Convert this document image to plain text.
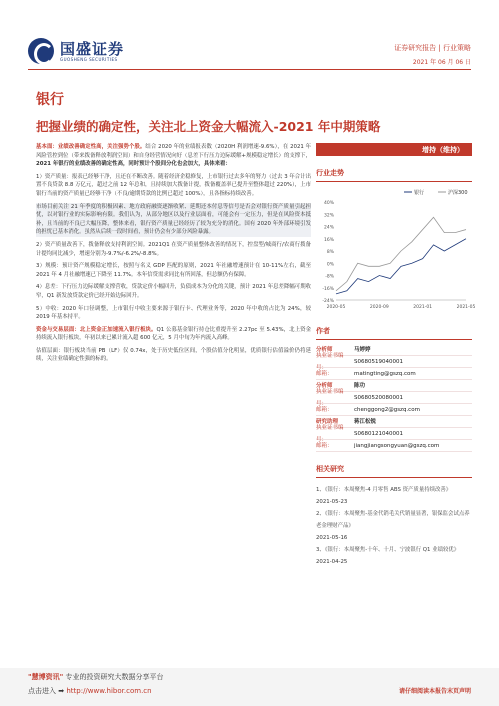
国盛证券
GUOSHENG SECURITIES
证券研究报告 | 行业策略
2021 年 06 月 06 日
银行
把握业绩的确定性，关注北上资金大幅流入-2021 年中期策略

基本面：业绩改善确定性高，关注强势个股。结合 2020 年的业绩报表数（2020H 利润增速-9.6%），在 2021 年风险管控到位（带来拨备释放利润空间）和自身经营情况向好（息差下行压力边际缓解+规模稳定增长）的支撑下，2021 年银行的业绩改善的确定性高，同时预计个股间分化也会加大，具体来看：

1）资产质量：报表已经够干净，且还在不断改善。随着经济企稳修复，上市银行过去多年的努力（过去 3 年合计出置不良贷款 8.8 万亿元，超过之前 12 年总和，且持续加大拨备计提，拨备覆盖率已提升至整体超过 220%），上市银行当前的资产质量已经够干净（不良/逾期贷款的比例已超过 100%），且各指标持续改善。

市场目前关注 21 年季度的积极因素、地方政府融资逐渐收紧、延期还本付息等信号是否会对银行资产质量引起担忧，以对银行业的实际影响有限。我们认为，从部分地区以及行业层面看，可能会有一定压力，但是在风险资本抵补，且当前的不良已大幅压降，整体来看，银行资产质量已经经历了较为充分的消化。国有 2020 年外部环境引发的担忧已基本消化。虽然从后续一段时间看，预计仍会有少部分风险暴露。

2）资产质量改善下，拨备释放支持利润空间。2021Q1 在资产质量整体改善的情况下，控盘型/城商行/农商行拨备计提均同比减少，增速分别为-9.7%/-6.2%/-8.8%。

3）规模：预计资产规模稳定增长，按照与名义 GDP 匹配的原则，2021 年社融增速预计在 10-11%左右，截至 2021 年 4 月社融增速已下降至 11.7%。本年信贷需求同比有所回落，但总额仍有保障。

4）息差：下行压力边际缓解支撑营收，贷款定价小幅回升，负债成本为分化的关键，预计 2021 年息差降幅可期收窄，Q1 新发放贷款定价已经开始边际回升。

5）中收：2020 年口径调整，上市银行中收主要来源于银行卡、代理业务等，2020 年中收的占比为 24%，较 2019 年基本持平。

资金与交易层面：北上资金正加速流入银行板块。Q1 公募基金银行持仓比重提升至 2.27pc 至 5.43%，北上资金持续流入银行板块，年初以来已累计流入超 600 亿元，5 月中旬为年内流入高峰。

估值层面：银行板块当前 PB（LF）仅 0.74x，处于历史低位区间，个股估值分化明显，优质银行估值溢价仍将延续，关注业绩确定性强的标的。

增持（维持）
行业走势
-24%
-16%
-8%
0%
8%
16%
24%
32%
40%
2020-05	2020-09	2021-01	2021-05
银行	沪深300
作者
分析师	马婷婷
执业证书编号：
S0680519040001
邮箱：	matingting@gszq.com
分析师	陈功
执业证书编号：
S0680520080001
邮箱：	chenggong2@gszq.com
研究助理	蒋江松锐
执业证书编号：
S0680121040001
邮箱：	jiangjiangsongyuan@gszq.com
相关研究
1、《银行：本周聚焦-4 月零售 ABS 资产质量持续改善》
2021-05-23
2、《银行：本周聚焦-基金代销毛关代销量显著，银保监会试点养老金理财产品》
2021-05-16
3、《银行：本周聚焦-十年、十月、宁波银行 Q1 业绩较优》
2021-04-25
"慧博资讯" 专业的投资研究大数据分享平台
点击进入 ➡ http://www.hibor.com.cn	请仔细阅读本报告末页声明
